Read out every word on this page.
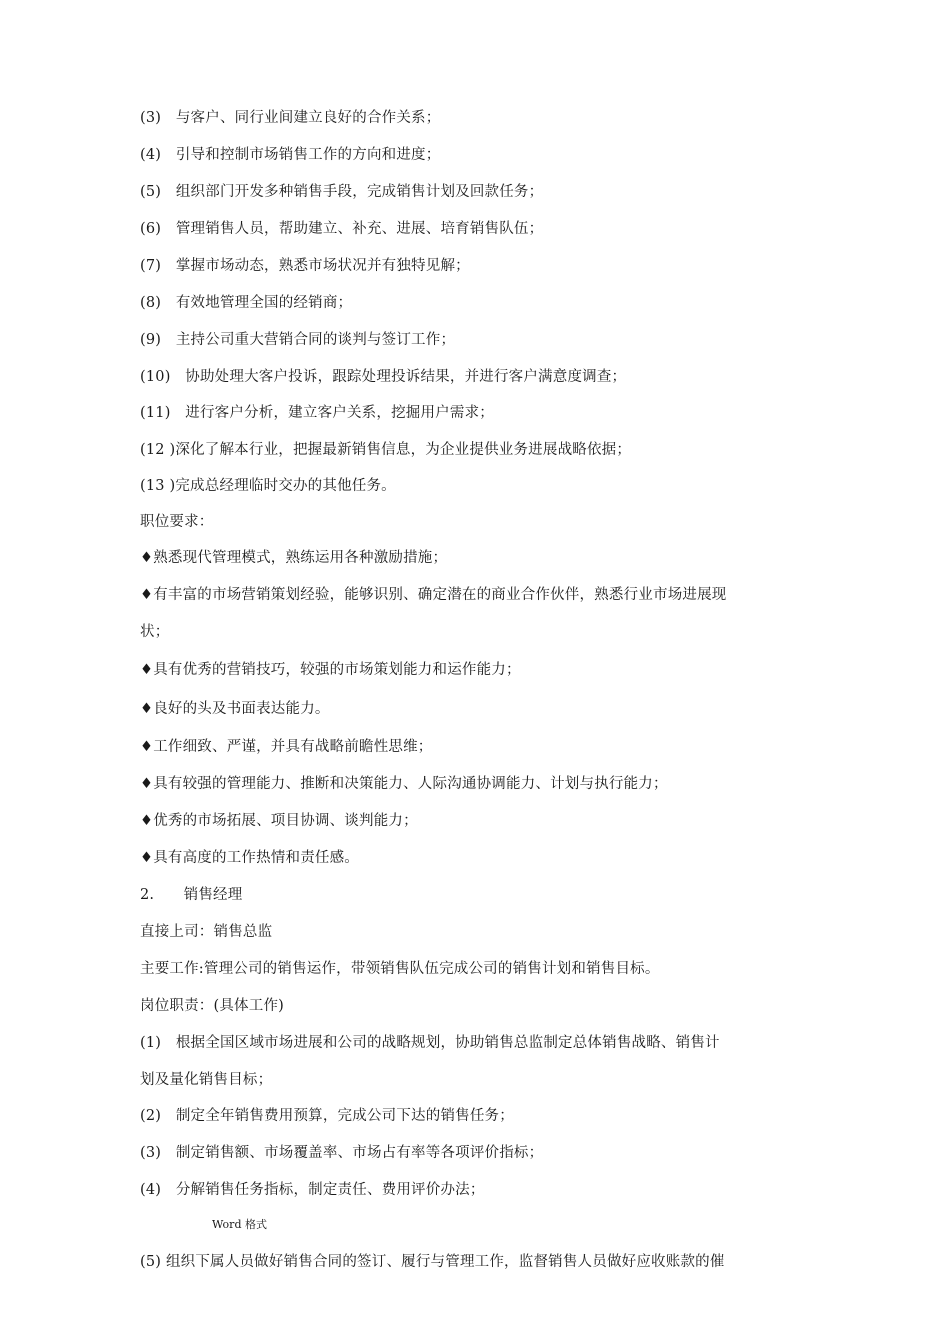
(3)　与客户、同行业间建立良好的合作关系；
(4)　引导和控制市场销售工作的方向和进度；
(5)　组织部门开发多种销售手段，完成销售计划及回款任务；
(6)　管理销售人员，帮助建立、补充、进展、培育销售队伍；
(7)　掌握市场动态，熟悉市场状况并有独特见解；
(8)　有效地管理全国的经销商；
(9)　主持公司重大营销合同的谈判与签订工作；
(10)　协助处理大客户投诉，跟踪处理投诉结果，并进行客户满意度调查；
(11)　进行客户分析，建立客户关系，挖掘用户需求；
(12 )深化了解本行业，把握最新销售信息，为企业提供业务进展战略依据；
(13 )完成总经理临时交办的其他任务。
职位要求：
♦熟悉现代管理模式，熟练运用各种激励措施；
♦有丰富的市场营销策划经验，能够识别、确定潜在的商业合作伙伴，熟悉行业市场进展现
状；
♦具有优秀的营销技巧，较强的市场策划能力和运作能力；
♦良好的头及书面表达能力。
♦工作细致、严谨，并具有战略前瞻性思维；
♦具有较强的管理能力、推断和决策能力、人际沟通协调能力、计划与执行能力；
♦优秀的市场拓展、项目协调、谈判能力；
♦具有高度的工作热情和责任感。
2.　　销售经理
直接上司：销售总监
主要工作:管理公司的销售运作，带领销售队伍完成公司的销售计划和销售目标。
岗位职责：(具体工作)
(1)　根据全国区域市场进展和公司的战略规划，协助销售总监制定总体销售战略、销售计
划及量化销售目标；
(2)　制定全年销售费用预算，完成公司下达的销售任务；
(3)　制定销售额、市场覆盖率、市场占有率等各项评价指标；
(4)　分解销售任务指标，制定责任、费用评价办法；
Word 格式
(5) 组织下属人员做好销售合同的签订、履行与管理工作，监督销售人员做好应收账款的催
